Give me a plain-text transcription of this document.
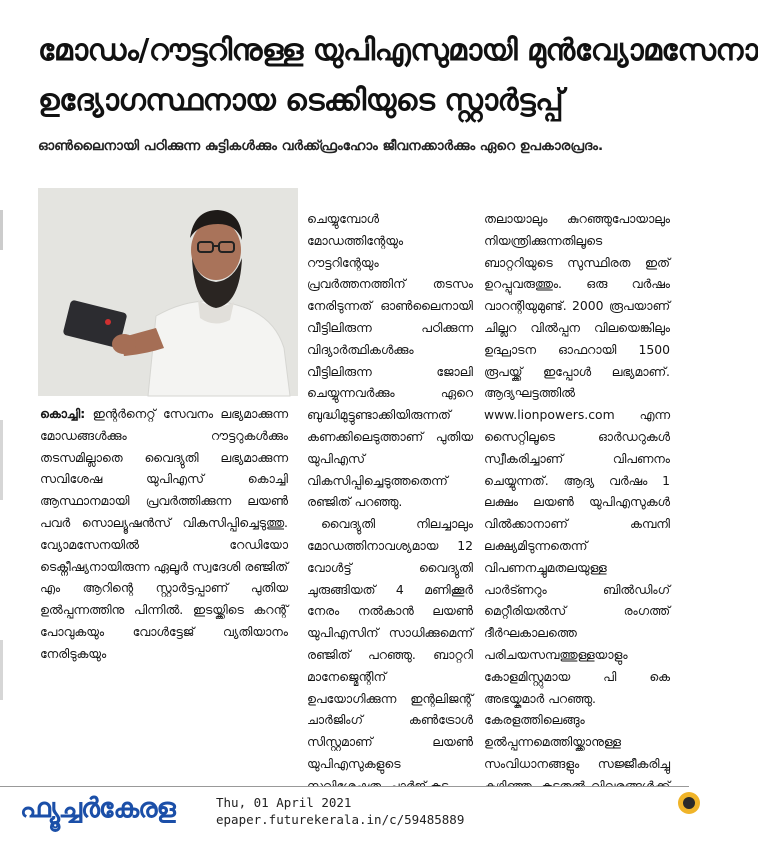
മോഡം/റൗട്ടറിനുള്ള യുപിഎസുമായി മുൻവ്യോമസേനാ
ഉദ്യോഗസ്ഥനായ ടെക്കിയുടെ സ്റ്റാർട്ടപ്പ്
ഓൺലൈനായി പഠിക്കുന്ന കുട്ടികൾക്കും വർക്ക്ഫ്രംഹോം ജീവനക്കാർക്കും ഏറെ ഉപകാരപ്രദം.

കൊച്ചി: ഇന്റർനെറ്റ് സേവനം ലഭ്യമാക്കുന്ന മോഡങ്ങൾക്കും റൗട്ടറുകൾക്കും തടസമില്ലാതെ വൈദ്യുതി ലഭ്യമാക്കുന്ന സവിശേഷ യുപിഎസ് കൊച്ചി ആസ്ഥാനമായി പ്രവർത്തിക്കുന്ന ലയൺ പവർ സൊല്യൂഷൻസ് വികസിപ്പിച്ചെടുത്തു. വ്യോമസേനയിൽ റേഡിയോ ടെക്നീഷ്യനായിരുന്ന ഏലൂർ സ്വദേശി രഞ്ജിത് എം ആറിന്റെ സ്റ്റാർട്ടപ്പാണ് പുതിയ ഉൽപ്പന്നത്തിനു പിന്നിൽ. ഇടയ്ക്കിടെ കറന്റ് പോവുകയും വോൾട്ടേജ് വ്യതിയാനം നേരിടുകയും

ചെയ്യുമ്പോൾ മോഡത്തിന്റേയും റൗട്ടറിന്റേയും പ്രവർത്തനത്തിന് തടസം നേരിടുന്നത് ഓൺലൈനായി വീട്ടിലിരുന്ന പഠിക്കുന്ന വിദ്യാർത്ഥികൾക്കും വീട്ടിലിരുന്ന ജോലി ചെയ്യുന്നവർക്കും ഏറെ ബുദ്ധിമുട്ടുണ്ടാക്കിയിരുന്നത് കണക്കിലെടുത്താണ് പുതിയ യുപിഎസ് വികസിപ്പിച്ചെടുത്തതെന്ന് രഞ്ജിത് പറഞ്ഞു.

വൈദ്യുതി നിലച്ചാലും മോഡത്തിനാവശ്യമായ 12 വോൾട്ട് വൈദ്യുതി ചുരുങ്ങിയത് 4 മണിക്കൂർ നേരം നൽകാൻ ലയൺ യുപിഎസിന് സാധിക്കുമെന്ന് രഞ്ജിത് പറഞ്ഞു. ബാറ്ററി മാനേജ്മെന്റിന് ഉപയോഗിക്കുന്ന ഇന്റലിജന്റ് ചാർജിംഗ് കൺട്രോൾ സിസ്റ്റമാണ് ലയൺ യുപിഎസുകളുടെ

തലായാലും കുറഞ്ഞുപോയാലും നിയന്ത്രിക്കുന്നതിലൂടെ ബാറ്ററിയുടെ സുസ്ഥിരത ഇത് ഉറപ്പുവരുത്തും. ഒരു വർഷം വാറന്റിയുമുണ്ട്. 2000 രൂപയാണ് ചില്ലറ വിൽപ്പന വിലയെങ്കിലും ഉദ്ഘാടന ഓഫറായി 1500 രൂപയ്ക്ക് ഇപ്പോൾ ലഭ്യമാണ്. ആദ്യഘട്ടത്തിൽ www.lionpowers.com എന്ന സൈറ്റിലൂടെ ഓർഡറുകൾ സ്വീകരിച്ചാണ് വിപണനം ചെയ്യുന്നത്. ആദ്യ വർഷം 1 ലക്ഷം ലയൺ യുപിഎസുകൾ വിൽക്കാനാണ് കമ്പനി ലക്ഷ്യമിടുന്നതെന്ന് വിപണനച്ചുമതലയുള്ള പാർട്ണറും ബിൽഡിംഗ് മെറ്റീരിയൽസ് രംഗത്ത് ദീർഘകാലത്തെ പരിചയസമ്പത്തുള്ളയാളും കോളമിസ്റ്റുമായ പി കെ അഭയ്കുമാർ പറഞ്ഞു.

കേരളത്തിലെങ്ങും ഉൽപ്പന്നമെത്തിയ്ക്കാനുള്ള സംവിധാനങ്ങളും സജ്ജീകരിച്ചു

ഫ്യൂച്ചർകേരള	Thu, 01 April 2021
epaper.futurekerala.in/c/59485889
